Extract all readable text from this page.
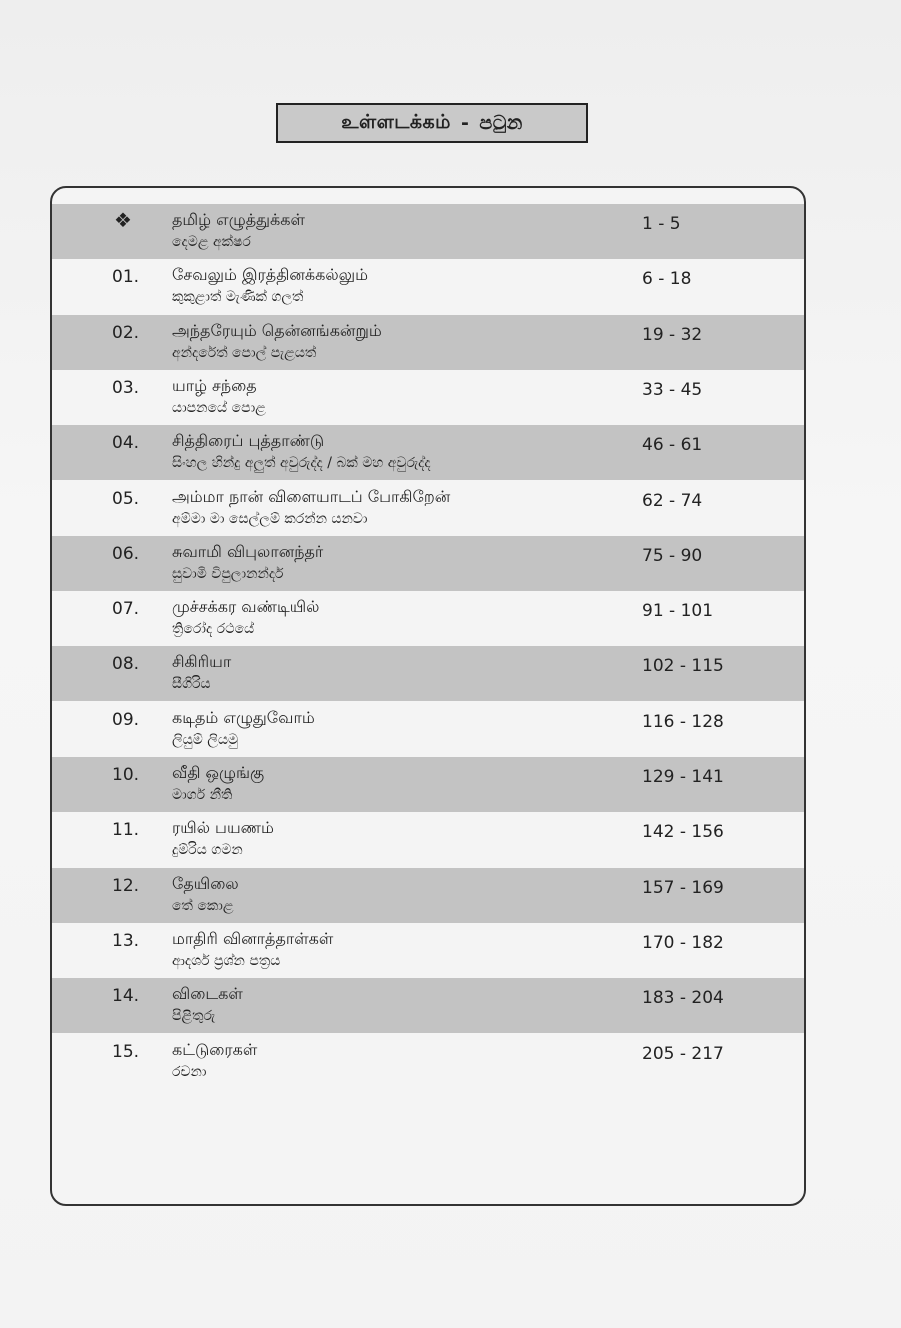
உள்ளடக்கம் - පටුන
❖	தமிழ் எழுத்துக்கள்
දෙමළ අක්ෂර
1 - 5
01. சேவலும் இரத்தினக்கல்லும்
කුකුළාත් මැණික් ගලත්
6 - 18
02. அந்தரேயும் தென்னங்கன்றும்
අන්දරේත් පොල් පැළයත්
19 - 32
03. யாழ் சந்தை
යාපනයේ පොළ
33 - 45
04. சித்திரைப் புத்தாண்டு
සිංහල හින්දු අලුත් අවුරුද්ද / බක් මහ අවුරුද්ද
46 - 61
05. அம்மா நான் விளையாடப் போகிறேன்
අම්මා මා සෙල්ලම් කරන්න යනවා
62 - 74
06. சுவாமி விபுலானந்தர்
සුවාමි විපුලානන්දර්
75 - 90
07. முச்சக்கர வண்டியில்
ත්‍රිරෝද රථයේ
91 - 101
08. சிகிரியா
සීගිරිය
102 - 115
09. கடிதம் எழுதுவோம்
ලියුම් ලියමු
116 - 128
10. வீதி ஒழுங்கு
මාර්ග නීති
129 - 141
11. ரயில் பயணம்
දුම්රිය ගමන
142 - 156
12. தேயிலை
තේ කොළ
157 - 169
13. மாதிரி வினாத்தாள்கள்
ආදර්ශ ප්‍රශ්න පත්‍රය
170 - 182
14. விடைகள்
පිළිතුරු
183 - 204
15. கட்டுரைகள்
රචනා
205 - 217
